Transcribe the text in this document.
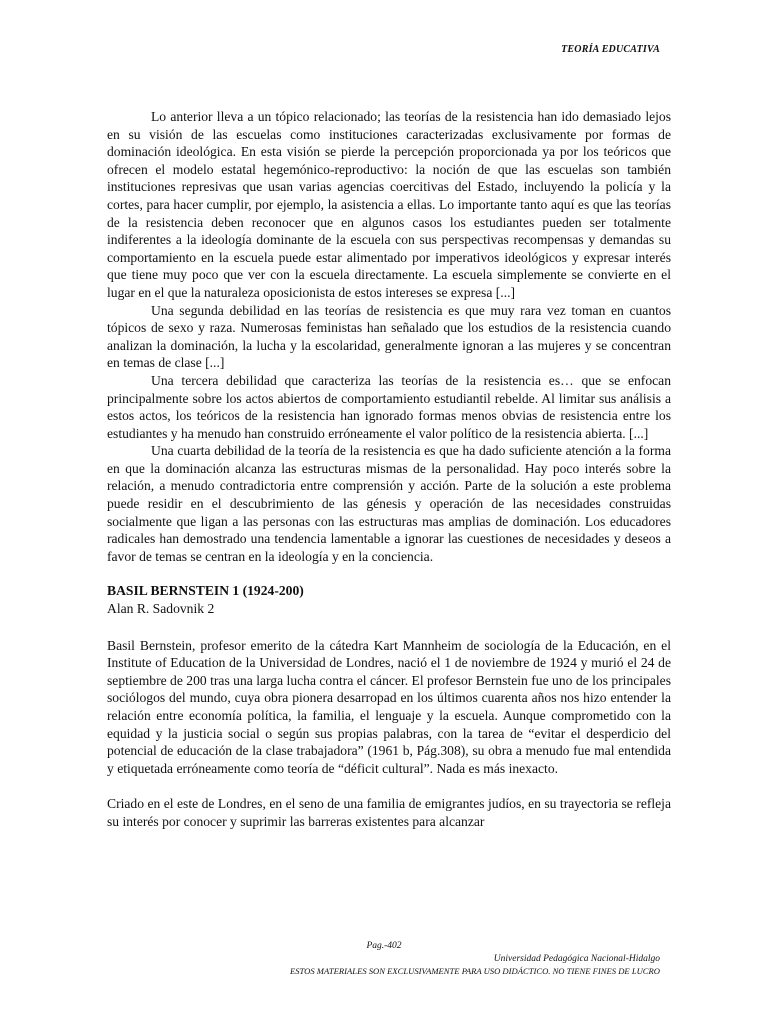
TEORÍA EDUCATIVA

Lo anterior lleva a un tópico relacionado; las teorías de la resistencia han ido demasiado lejos en su visión de las escuelas como instituciones caracterizadas exclusivamente por formas de dominación ideológica. En esta visión se pierde la percepción proporcionada ya por los teóricos que ofrecen el modelo estatal hegemónico-reproductivo: la noción de que las escuelas son también instituciones represivas que usan varias agencias coercitivas del Estado, incluyendo la policía y la cortes, para hacer cumplir, por ejemplo, la asistencia a ellas. Lo importante tanto aquí es que las teorías de la resistencia deben reconocer que en algunos casos los estudiantes pueden ser totalmente indiferentes a la ideología dominante de la escuela con sus perspectivas recompensas y demandas su comportamiento en la escuela puede estar alimentado por imperativos ideológicos y expresar interés que tiene muy poco que ver con la escuela directamente. La escuela simplemente se convierte en el lugar en el que la naturaleza oposicionista de estos intereses se expresa [...]

Una segunda debilidad en las teorías de resistencia es que muy rara vez toman en cuantos tópicos de sexo y raza. Numerosas feministas han señalado que los estudios de la resistencia cuando analizan la dominación, la lucha y la escolaridad, generalmente ignoran a las mujeres y se concentran en temas de clase [...]

Una tercera debilidad que caracteriza las teorías de la resistencia es… que se enfocan principalmente sobre los actos abiertos de comportamiento estudiantil rebelde. Al limitar sus análisis a estos actos, los teóricos de la resistencia han ignorado formas menos obvias de resistencia entre los estudiantes y ha menudo han construido erróneamente el valor político de la resistencia abierta. [...]

Una cuarta debilidad de la teoría de la resistencia es que ha dado suficiente atención a la forma en que la dominación alcanza las estructuras mismas de la personalidad. Hay poco interés sobre la relación, a menudo contradictoria entre comprensión y acción. Parte de la solución a este problema puede residir en el descubrimiento de las génesis y operación de las necesidades construidas socialmente que ligan a las personas con las estructuras mas amplias de dominación. Los educadores radicales han demostrado una tendencia lamentable a ignorar las cuestiones de necesidades y deseos a favor de temas se centran en la ideología y en la conciencia.

BASIL BERNSTEIN 1 (1924-200)

Alan R. Sadovnik 2

Basil Bernstein, profesor emerito de la cátedra Kart Mannheim de sociología de la Educación, en el Institute of Education de la Universidad de Londres, nació el 1 de noviembre de 1924 y murió el 24 de septiembre de 200 tras una larga lucha contra el cáncer. El profesor Bernstein fue uno de los principales sociólogos del mundo, cuya obra pionera desarropad en los últimos cuarenta años nos hizo entender la relación entre economía política, la familia, el lenguaje y la escuela. Aunque comprometido con la equidad y la justicia social o según sus propias palabras, con la tarea de “evitar el desperdicio del potencial de educación de la clase trabajadora” (1961 b, Pág.308), su obra a menudo fue mal entendida y etiquetada erróneamente como teoría de “déficit cultural”. Nada es más inexacto.

Criado en el este de Londres, en el seno de una familia de emigrantes judíos, en su trayectoria se refleja su interés por conocer y suprimir las barreras existentes para alcanzar

Pag.-402
Universidad Pedagógica Nacional-Hidalgo
ESTOS MATERIALES SON EXCLUSIVAMENTE PARA USO DIDÁCTICO. NO TIENE FINES DE LUCRO
